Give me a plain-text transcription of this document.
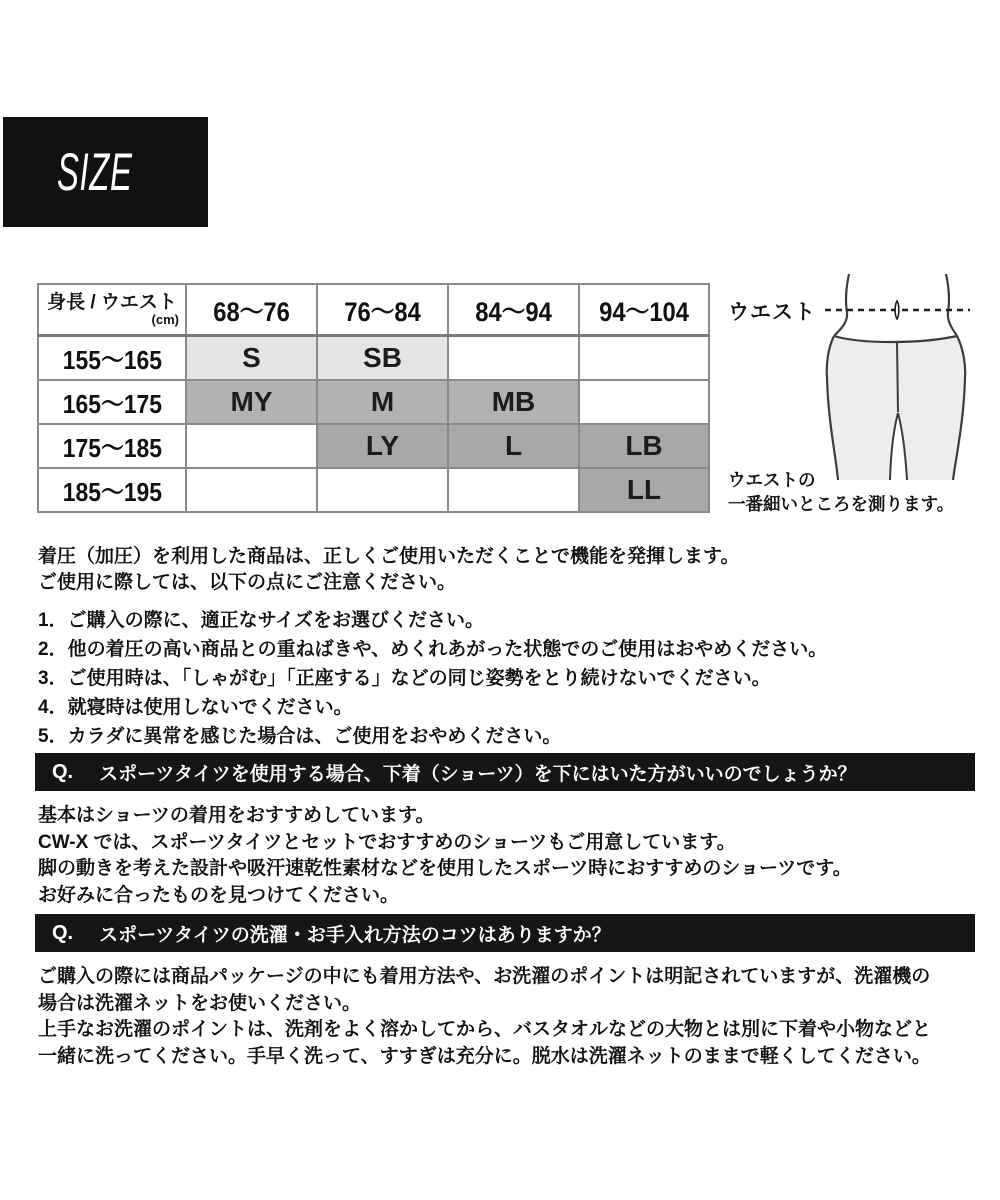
SIZE
身長 / ウエスト
(cm)	68〜76	76〜84	84〜94	94〜104
155〜165	S	SB		
165〜175	MY	M	MB	
175〜185		LY	L	LB
185〜195				LL
ウエスト
ウエストの
一番細いところを測ります。
着圧（加圧）を利用した商品は、正しくご使用いただくことで機能を発揮します。
ご使用に際しては、以下の点にご注意ください。
1．ご購入の際に、適正なサイズをお選びください。
2．他の着圧の高い商品との重ねばきや、めくれあがった状態でのご使用はおやめください。
3．ご使用時は、「しゃがむ」「正座する」などの同じ姿勢をとり続けないでください。
4．就寝時は使用しないでください。
5．カラダに異常を感じた場合は、ご使用をおやめください。
Q. スポーツタイツを使用する場合、下着（ショーツ）を下にはいた方がいいのでしょうか？
基本はショーツの着用をおすすめしています。
CW-X では、スポーツタイツとセットでおすすめのショーツもご用意しています。
脚の動きを考えた設計や吸汗速乾性素材などを使用したスポーツ時におすすめのショーツです。
お好みに合ったものを見つけてください。
Q. スポーツタイツの洗濯・お手入れ方法のコツはありますか？
ご購入の際には商品パッケージの中にも着用方法や、お洗濯のポイントは明記されていますが、洗濯機の
場合は洗濯ネットをお使いください。
上手なお洗濯のポイントは、洗剤をよく溶かしてから、バスタオルなどの大物とは別に下着や小物などと
一緒に洗ってください。手早く洗って、すすぎは充分に。脱水は洗濯ネットのままで軽くしてください。
